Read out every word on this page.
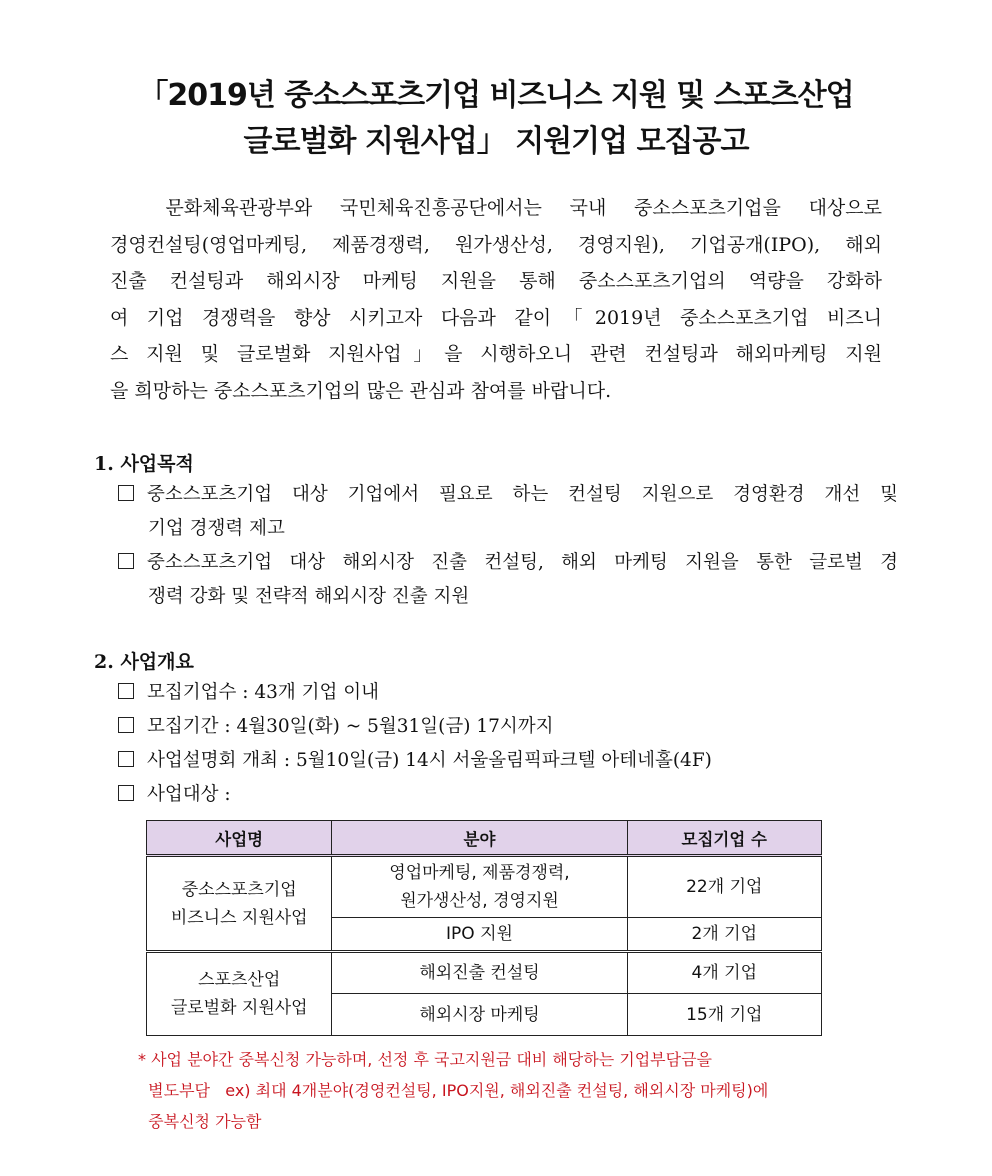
「2019년 중소스포츠기업 비즈니스 지원 및 스포츠산업
글로벌화 지원사업」 지원기업 모집공고
문화체육관광부와 국민체육진흥공단에서는 국내 중소스포츠기업을 대상으로
경영컨설팅(영업마케팅, 제품경쟁력, 원가생산성, 경영지원), 기업공개(IPO), 해외
진출 컨설팅과 해외시장 마케팅 지원을 통해 중소스포츠기업의 역량을 강화하
여 기업 경쟁력을 향상 시키고자 다음과 같이「2019년 중소스포츠기업 비즈니
스 지원 및 글로벌화 지원사업」을 시행하오니 관련 컨설팅과 해외마케팅 지원
을 희망하는 중소스포츠기업의 많은 관심과 참여를 바랍니다.
1. 사업목적
중소스포츠기업 대상 기업에서 필요로 하는 컨설팅 지원으로 경영환경 개선 및
기업 경쟁력 제고
중소스포츠기업 대상 해외시장 진출 컨설팅, 해외 마케팅 지원을 통한 글로벌 경
쟁력 강화 및 전략적 해외시장 진출 지원
2. 사업개요
모집기업수 : 43개 기업 이내
모집기간 : 4월30일(화) ~ 5월31일(금) 17시까지
사업설명회 개최 : 5월10일(금) 14시 서울올림픽파크텔 아테네홀(4F)
사업대상 :
사업명	분야	모집기업 수
중소스포츠기업
비즈니스 지원사업	영업마케팅, 제품경쟁력,
원가생산성, 경영지원	22개 기업
	IPO 지원	2개 기업
스포츠산업
글로벌화 지원사업	해외진출 컨설팅	4개 기업
	해외시장 마케팅	15개 기업
* 사업 분야간 중복신청 가능하며, 선정 후 국고지원금 대비 해당하는 기업부담금을
별도부담   ex) 최대 4개분야(경영컨설팅, IPO지원, 해외진출 컨설팅, 해외시장 마케팅)에
중복신청 가능함
